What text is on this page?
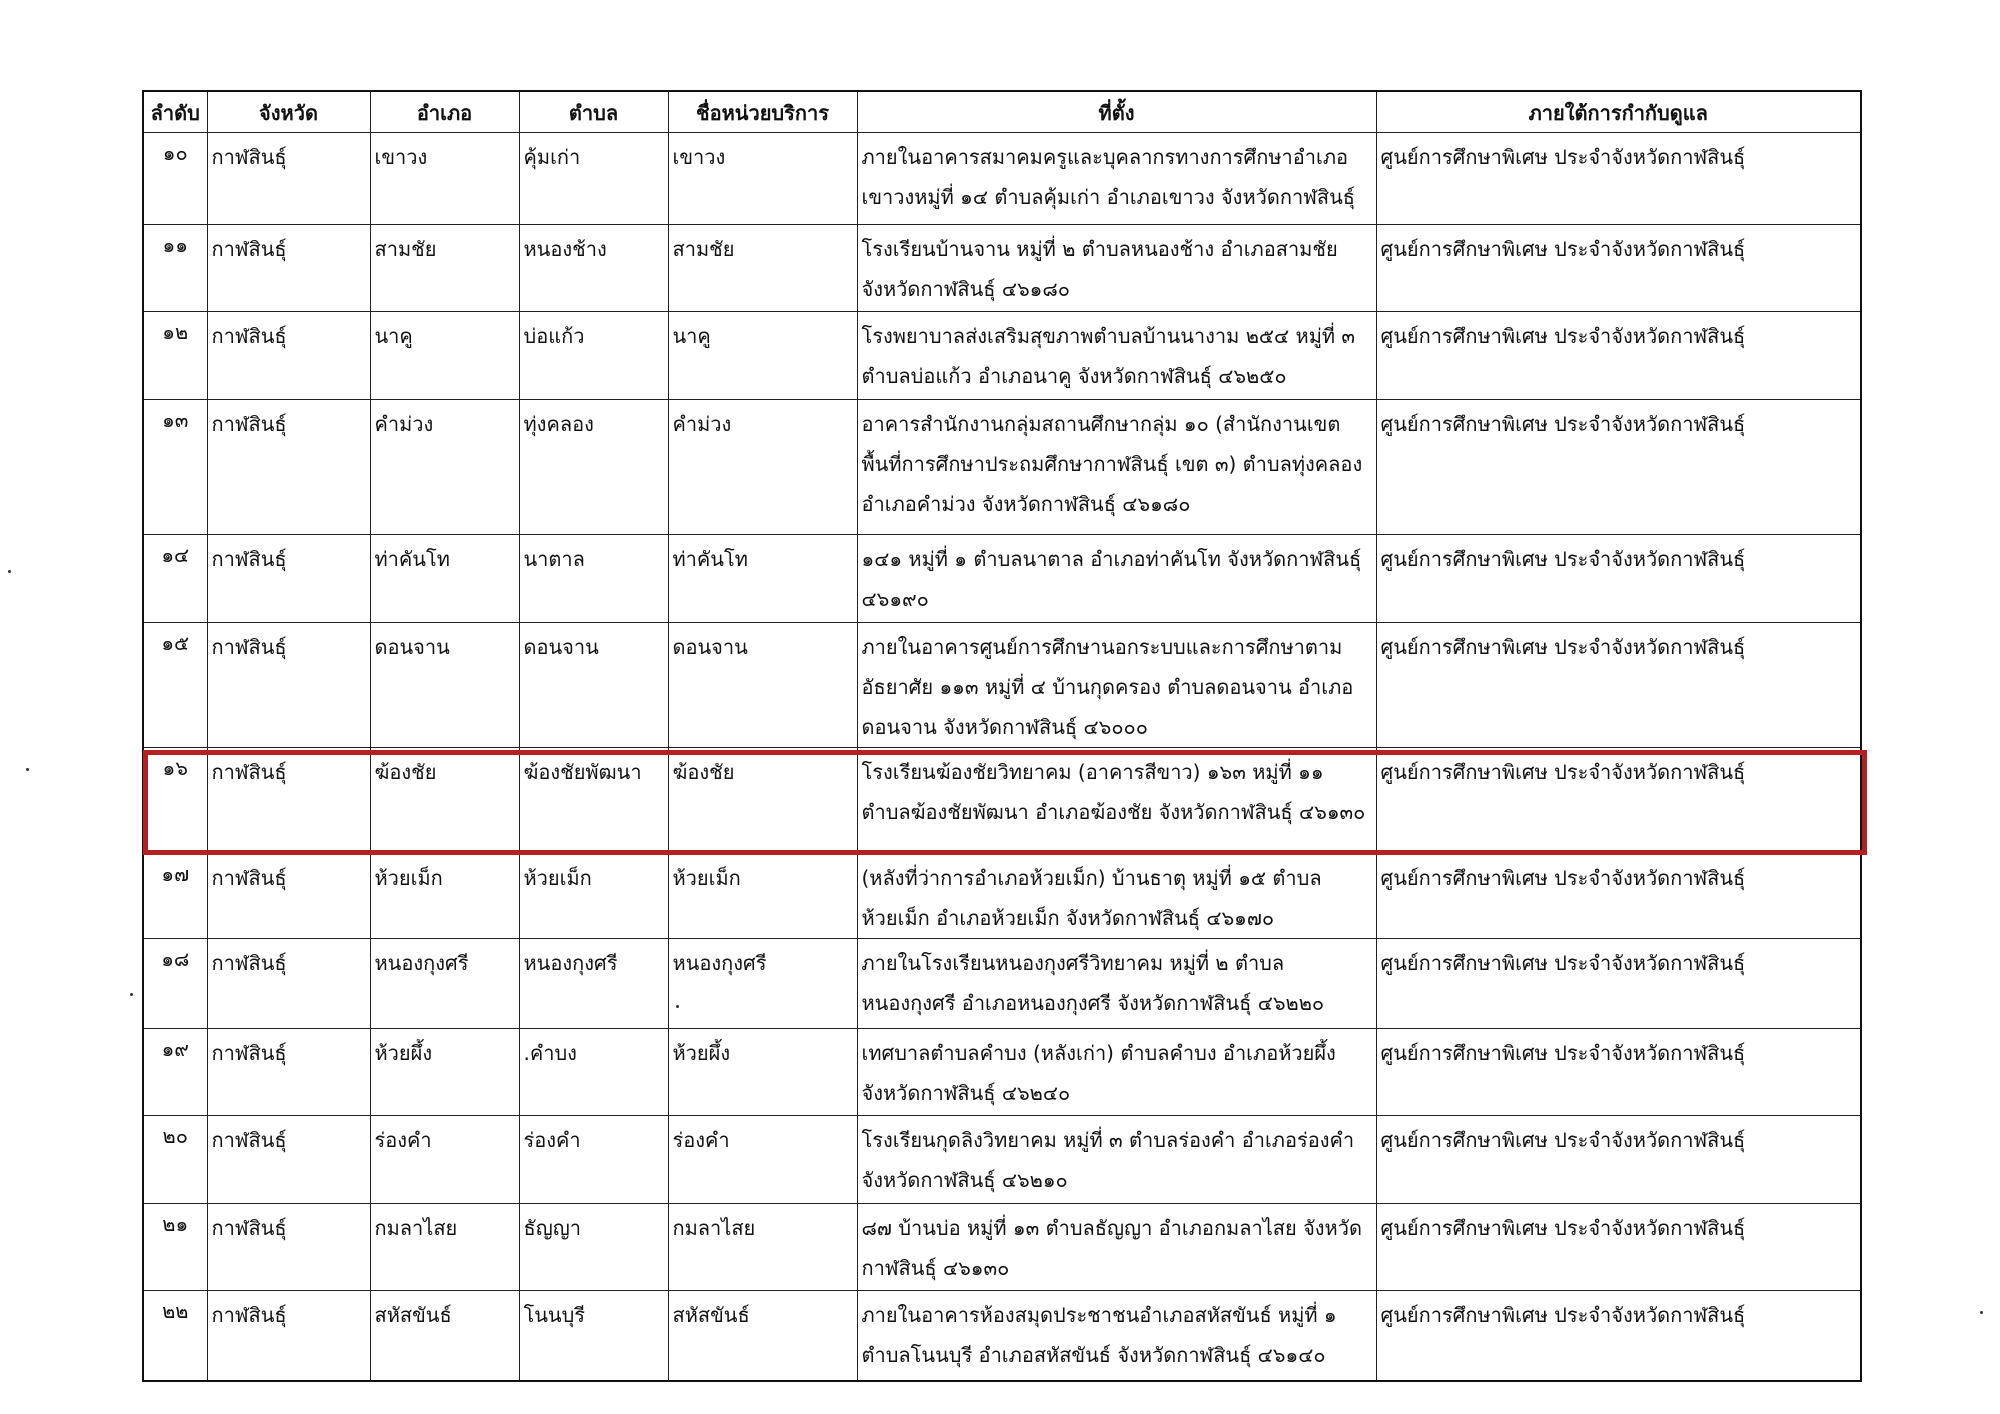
ลำดับ	จังหวัด	อำเภอ	ตำบล	ชื่อหน่วยบริการ	ที่ตั้ง	ภายใต้การกำกับดูแล
๑๐	กาฬสินธุ์	เขาวง	คุ้มเก่า	เขาวง	ภายในอาคารสมาคมครูและบุคลากรทางการศึกษาอำเภอเขาวงหมู่ที่ ๑๔ ตำบลคุ้มเก่า อำเภอเขาวง จังหวัดกาฬสินธุ์	ศูนย์การศึกษาพิเศษ ประจำจังหวัดกาฬสินธุ์
๑๑	กาฬสินธุ์	สามชัย	หนองช้าง	สามชัย	โรงเรียนบ้านจาน หมู่ที่ ๒ ตำบลหนองช้าง อำเภอสามชัย จังหวัดกาฬสินธุ์ ๔๖๑๘๐	ศูนย์การศึกษาพิเศษ ประจำจังหวัดกาฬสินธุ์
๑๒	กาฬสินธุ์	นาคู	บ่อแก้ว	นาคู	โรงพยาบาลส่งเสริมสุขภาพตำบลบ้านนางาม ๒๕๔ หมู่ที่ ๓ ตำบลบ่อแก้ว อำเภอนาคู จังหวัดกาฬสินธุ์ ๔๖๒๕๐	ศูนย์การศึกษาพิเศษ ประจำจังหวัดกาฬสินธุ์
๑๓	กาฬสินธุ์	คำม่วง	ทุ่งคลอง	คำม่วง	อาคารสำนักงานกลุ่มสถานศึกษากลุ่ม ๑๐ (สำนักงานเขตพื้นที่การศึกษาประถมศึกษากาฬสินธุ์ เขต ๓) ตำบลทุ่งคลอง อำเภอคำม่วง จังหวัดกาฬสินธุ์ ๔๖๑๘๐	ศูนย์การศึกษาพิเศษ ประจำจังหวัดกาฬสินธุ์
๑๔	กาฬสินธุ์	ท่าคันโท	นาตาล	ท่าคันโท	๑๔๑ หมู่ที่ ๑ ตำบลนาตาล อำเภอท่าคันโท จังหวัดกาฬสินธุ์ ๔๖๑๙๐	ศูนย์การศึกษาพิเศษ ประจำจังหวัดกาฬสินธุ์
๑๕	กาฬสินธุ์	ดอนจาน	ดอนจาน	ดอนจาน	ภายในอาคารศูนย์การศึกษานอกระบบและการศึกษาตามอัธยาศัย ๑๑๓ หมู่ที่ ๔ บ้านกุดครอง ตำบลดอนจาน อำเภอดอนจาน จังหวัดกาฬสินธุ์ ๔๖๐๐๐	ศูนย์การศึกษาพิเศษ ประจำจังหวัดกาฬสินธุ์
๑๖	กาฬสินธุ์	ฆ้องชัย	ฆ้องชัยพัฒนา	ฆ้องชัย	โรงเรียนฆ้องชัยวิทยาคม (อาคารสีขาว) ๑๖๓ หมู่ที่ ๑๑ ตำบลฆ้องชัยพัฒนา อำเภอฆ้องชัย จังหวัดกาฬสินธุ์ ๔๖๑๓๐	ศูนย์การศึกษาพิเศษ ประจำจังหวัดกาฬสินธุ์
๑๗	กาฬสินธุ์	ห้วยเม็ก	ห้วยเม็ก	ห้วยเม็ก	(หลังที่ว่าการอำเภอห้วยเม็ก) บ้านธาตุ หมู่ที่ ๑๕ ตำบลห้วยเม็ก อำเภอห้วยเม็ก จังหวัดกาฬสินธุ์ ๔๖๑๗๐	ศูนย์การศึกษาพิเศษ ประจำจังหวัดกาฬสินธุ์
๑๘	กาฬสินธุ์	หนองกุงศรี	หนองกุงศรี	หนองกุงศรี	ภายในโรงเรียนหนองกุงศรีวิทยาคม หมู่ที่ ๒ ตำบลหนองกุงศรี อำเภอหนองกุงศรี จังหวัดกาฬสินธุ์ ๔๖๒๒๐	ศูนย์การศึกษาพิเศษ ประจำจังหวัดกาฬสินธุ์
๑๙	กาฬสินธุ์	ห้วยผึ้ง	.คำบง	ห้วยผึ้ง	เทศบาลตำบลคำบง (หลังเก่า) ตำบลคำบง อำเภอห้วยผึ้ง จังหวัดกาฬสินธุ์ ๔๖๒๔๐	ศูนย์การศึกษาพิเศษ ประจำจังหวัดกาฬสินธุ์
๒๐	กาฬสินธุ์	ร่องคำ	ร่องคำ	ร่องคำ	โรงเรียนกุดลิงวิทยาคม หมู่ที่ ๓ ตำบลร่องคำ อำเภอร่องคำ จังหวัดกาฬสินธุ์ ๔๖๒๑๐	ศูนย์การศึกษาพิเศษ ประจำจังหวัดกาฬสินธุ์
๒๑	กาฬสินธุ์	กมลาไสย	ธัญญา	กมลาไสย	๘๗ บ้านบ่อ หมู่ที่ ๑๓ ตำบลธัญญา อำเภอกมลาไสย จังหวัดกาฬสินธุ์ ๔๖๑๓๐	ศูนย์การศึกษาพิเศษ ประจำจังหวัดกาฬสินธุ์
๒๒	กาฬสินธุ์	สหัสขันธ์	โนนบุรี	สหัสขันธ์	ภายในอาคารห้องสมุดประชาชนอำเภอสหัสขันธ์ หมู่ที่ ๑ ตำบลโนนบุรี อำเภอสหัสขันธ์ จังหวัดกาฬสินธุ์ ๔๖๑๔๐	ศูนย์การศึกษาพิเศษ ประจำจังหวัดกาฬสินธุ์
